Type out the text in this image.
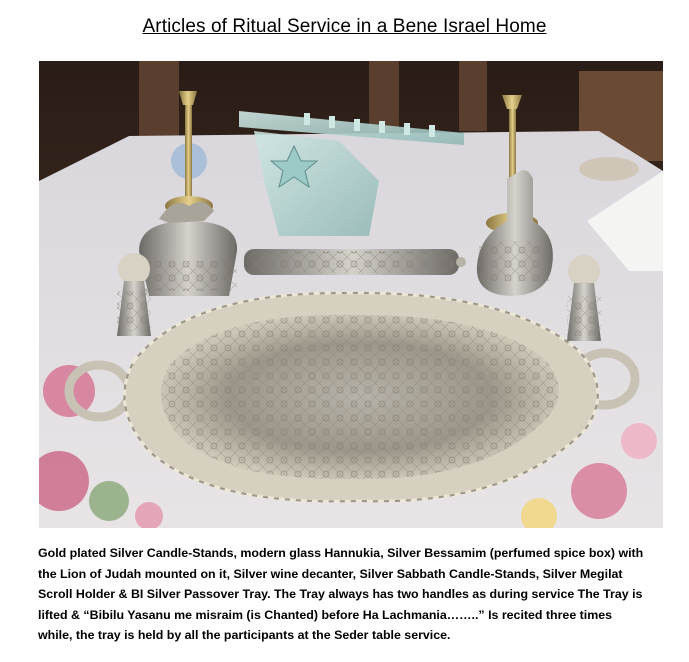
Articles of Ritual Service in a Bene Israel Home
Gold plated Silver Candle-Stands, modern glass Hannukia, Silver Bessamim (perfumed spice box) with
the Lion of Judah mounted on it, Silver wine decanter, Silver Sabbath Candle-Stands, Silver Megilat
Scroll Holder & BI Silver Passover Tray. The Tray always has two handles as during service The Tray is
lifted & “Bibilu Yasanu me misraim (is Chanted) before Ha Lachmania……..” Is recited three times
while, the tray is held by all the participants at the Seder table service.
